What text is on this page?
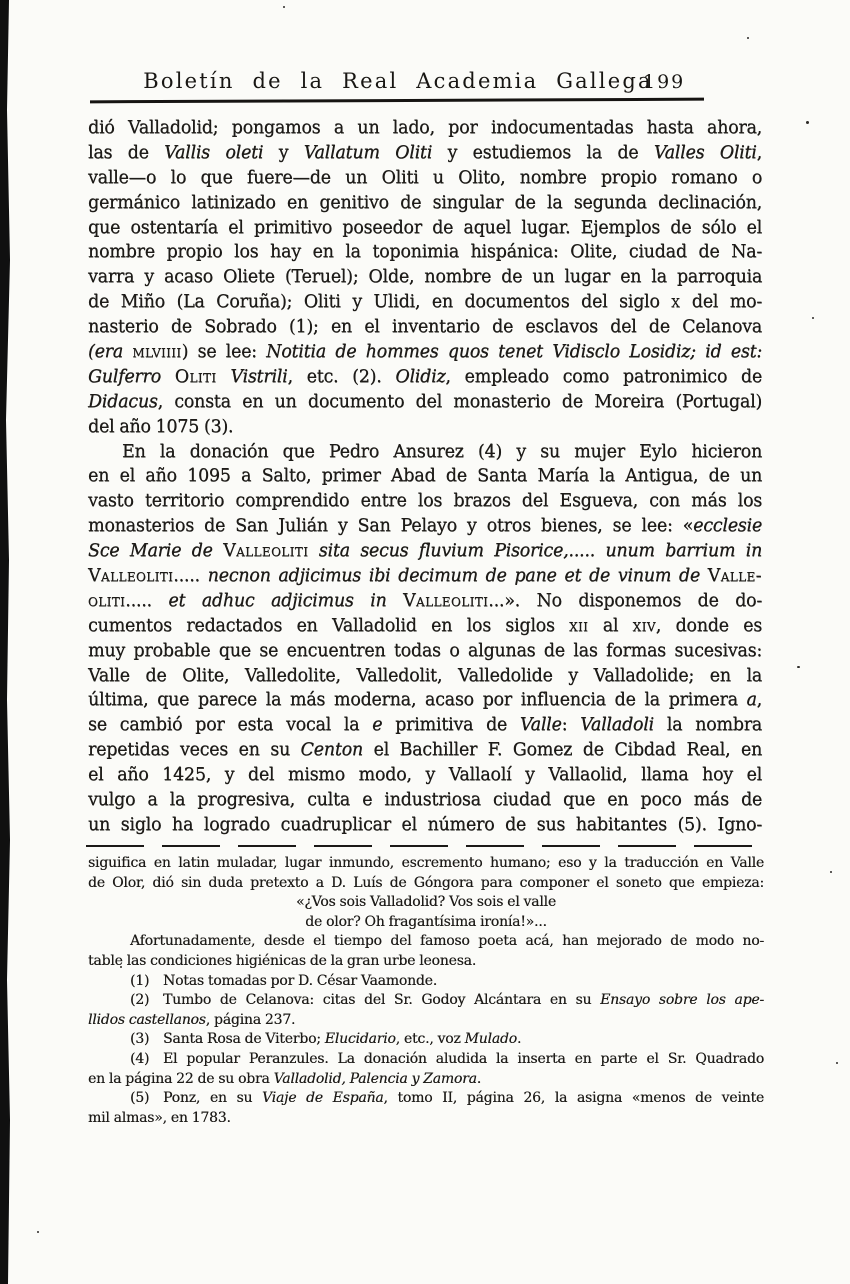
Boletín de la Real Academia Gallega
199
dió Valladolid; pongamos a un lado, por indocumentadas hasta ahora,
las de Vallis oleti y Vallatum Oliti y estudiemos la de Valles Oliti,
valle—o lo que fuere—de un Oliti u Olito, nombre propio romano o
germánico latinizado en genitivo de singular de la segunda declinación,
que ostentaría el primitivo poseedor de aquel lugar. Ejemplos de sólo el
nombre propio los hay en la toponimia hispánica: Olite, ciudad de Na-
varra y acaso Oliete (Teruel); Olde, nombre de un lugar en la parroquia
de Miño (La Coruña); Oliti y Ulidi, en documentos del siglo x del mo-
nasterio de Sobrado (1); en el inventario de esclavos del de Celanova
(era mlviiii) se lee: Notitia de hommes quos tenet Vidisclo Losidiz; id est:
Gulferro Oliti Vistrili, etc. (2). Olidiz, empleado como patronimico de
Didacus, consta en un documento del monasterio de Moreira (Portugal)
del año 1075 (3).
En la donación que Pedro Ansurez (4) y su mujer Eylo hicieron
en el año 1095 a Salto, primer Abad de Santa María la Antigua, de un
vasto territorio comprendido entre los brazos del Esgueva, con más los
monasterios de San Julián y San Pelayo y otros bienes, se lee: «ecclesie
Sce Marie de Valleoliti sita secus fluvium Pisorice,..... unum barrium in
Valleoliti..... necnon adjicimus ibi decimum de pane et de vinum de Valle-
oliti..... et adhuc adjicimus in Valleoliti...». No disponemos de do-
cumentos redactados en Valladolid en los siglos xii al xiv, donde es
muy probable que se encuentren todas o algunas de las formas sucesivas:
Valle de Olite, Valledolite, Valledolit, Valledolide y Valladolide; en la
última, que parece la más moderna, acaso por influencia de la primera a,
se cambió por esta vocal la e primitiva de Valle: Valladoli la nombra
repetidas veces en su Centon el Bachiller F. Gomez de Cibdad Real, en
el año 1425, y del mismo modo, y Vallaolí y Vallaolid, llama hoy el
vulgo a la progresiva, culta e industriosa ciudad que en poco más de
un siglo ha logrado cuadruplicar el número de sus habitantes (5). Igno-
siguifica en latin muladar, lugar inmundo, escremento humano; eso y la traducción en Valle
de Olor, dió sin duda pretexto a D. Luís de Góngora para componer el soneto que empieza:
«¿Vos sois Valladolid? Vos sois el valle
de olor? Oh fragantísima ironía!»...
Afortunadamente, desde el tiempo del famoso poeta acá, han mejorado de modo no-
table las condiciones higiénicas de la gran urbe leonesa.
(1) Notas tomadas por D. César Vaamonde.
(2) Tumbo de Celanova: citas del Sr. Godoy Alcántara en su Ensayo sobre los ape-
llidos castellanos, página 237.
(3) Santa Rosa de Viterbo; Elucidario, etc., voz Mulado.
(4) El popular Peranzules. La donación aludida la inserta en parte el Sr. Quadrado
en la página 22 de su obra Valladolid, Palencia y Zamora.
(5) Ponz, en su Viaje de España, tomo II, página 26, la asigna «menos de veinte
mil almas», en 1783.
